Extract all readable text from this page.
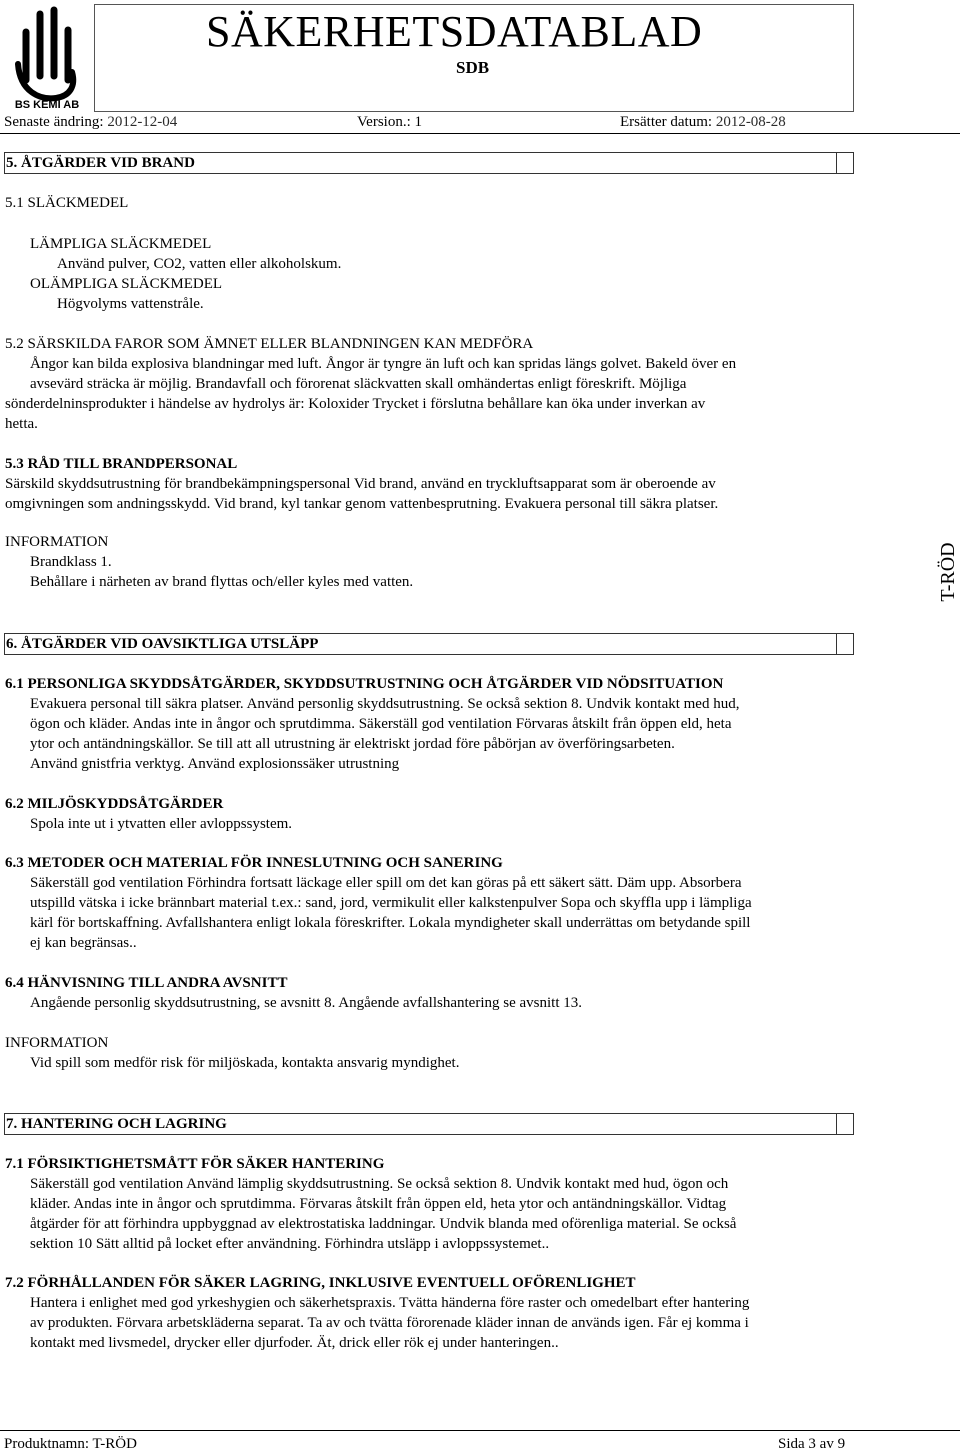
BS KEMI AB
SÄKERHETSDATABLAD
SDB
Senaste ändring: 2012-12-04	Version.: 1	Ersätter datum: 2012-08-28
T-RÖD
5. ÅTGÄRDER VID BRAND
5.1 SLÄCKMEDEL
LÄMPLIGA SLÄCKMEDEL
Använd pulver, CO2, vatten eller alkoholskum.
OLÄMPLIGA SLÄCKMEDEL
Högvolyms vattenstråle.
5.2 SÄRSKILDA FAROR SOM ÄMNET ELLER BLANDNINGEN KAN MEDFÖRA
Ångor kan bilda explosiva blandningar med luft. Ångor är tyngre än luft och kan spridas längs golvet. Bakeld över en
avsevärd sträcka är möjlig. Brandavfall och förorenat släckvatten skall omhändertas enligt föreskrift. Möjliga
sönderdelninsprodukter i händelse av hydrolys är: Koloxider Trycket i förslutna behållare kan öka under inverkan av
hetta.
5.3 RÅD TILL BRANDPERSONAL
Särskild skyddsutrustning för brandbekämpningspersonal Vid brand, använd en tryckluftsapparat som är oberoende av
omgivningen som andningsskydd. Vid brand, kyl tankar genom vattenbesprutning. Evakuera personal till säkra platser.
INFORMATION
Brandklass 1.
Behållare i närheten av brand flyttas och/eller kyles med vatten.
6. ÅTGÄRDER VID OAVSIKTLIGA UTSLÄPP
6.1 PERSONLIGA SKYDDSÅTGÄRDER, SKYDDSUTRUSTNING OCH ÅTGÄRDER VID NÖDSITUATION
Evakuera personal till säkra platser. Använd personlig skyddsutrustning. Se också sektion 8. Undvik kontakt med hud,
ögon och kläder. Andas inte in ångor och sprutdimma. Säkerställ god ventilation Förvaras åtskilt från öppen eld, heta
ytor och antändningskällor. Se till att all utrustning är elektriskt jordad före påbörjan av överföringsarbeten.
Använd gnistfria verktyg. Använd explosionssäker utrustning
6.2 MILJÖSKYDDSÅTGÄRDER
Spola inte ut i ytvatten eller avloppssystem.
6.3 METODER OCH MATERIAL FÖR INNESLUTNING OCH SANERING
Säkerställ god ventilation Förhindra fortsatt läckage eller spill om det kan göras på ett säkert sätt. Däm upp. Absorbera
utspilld vätska i icke brännbart material t.ex.: sand, jord, vermikulit eller kalkstenpulver Sopa och skyffla upp i lämpliga
kärl för bortskaffning. Avfallshantera enligt lokala föreskrifter. Lokala myndigheter skall underrättas om betydande spill
ej kan begränsas..
6.4 HÄNVISNING TILL ANDRA AVSNITT
Angående personlig skyddsutrustning, se avsnitt 8. Angående avfallshantering se avsnitt 13.
INFORMATION
Vid spill som medför risk för miljöskada, kontakta ansvarig myndighet.
7. HANTERING OCH LAGRING
7.1 FÖRSIKTIGHETSMÅTT FÖR SÄKER HANTERING
Säkerställ god ventilation Använd lämplig skyddsutrustning. Se också sektion 8. Undvik kontakt med hud, ögon och
kläder. Andas inte in ångor och sprutdimma. Förvaras åtskilt från öppen eld, heta ytor och antändningskällor. Vidtag
åtgärder för att förhindra uppbyggnad av elektrostatiska laddningar. Undvik blanda med oförenliga material. Se också
sektion 10 Sätt alltid på locket efter användning. Förhindra utsläpp i avloppssystemet..
7.2 FÖRHÅLLANDEN FÖR SÄKER LAGRING, INKLUSIVE EVENTUELL OFÖRENLIGHET
Hantera i enlighet med god yrkeshygien och säkerhetspraxis. Tvätta händerna före raster och omedelbart efter hantering
av produkten. Förvara arbetskläderna separat. Ta av och tvätta förorenade kläder innan de används igen. Får ej komma i
kontakt med livsmedel, drycker eller djurfoder. Ät, drick eller rök ej under hanteringen..
Produktnamn: T-RÖD	Sida 3 av 9
